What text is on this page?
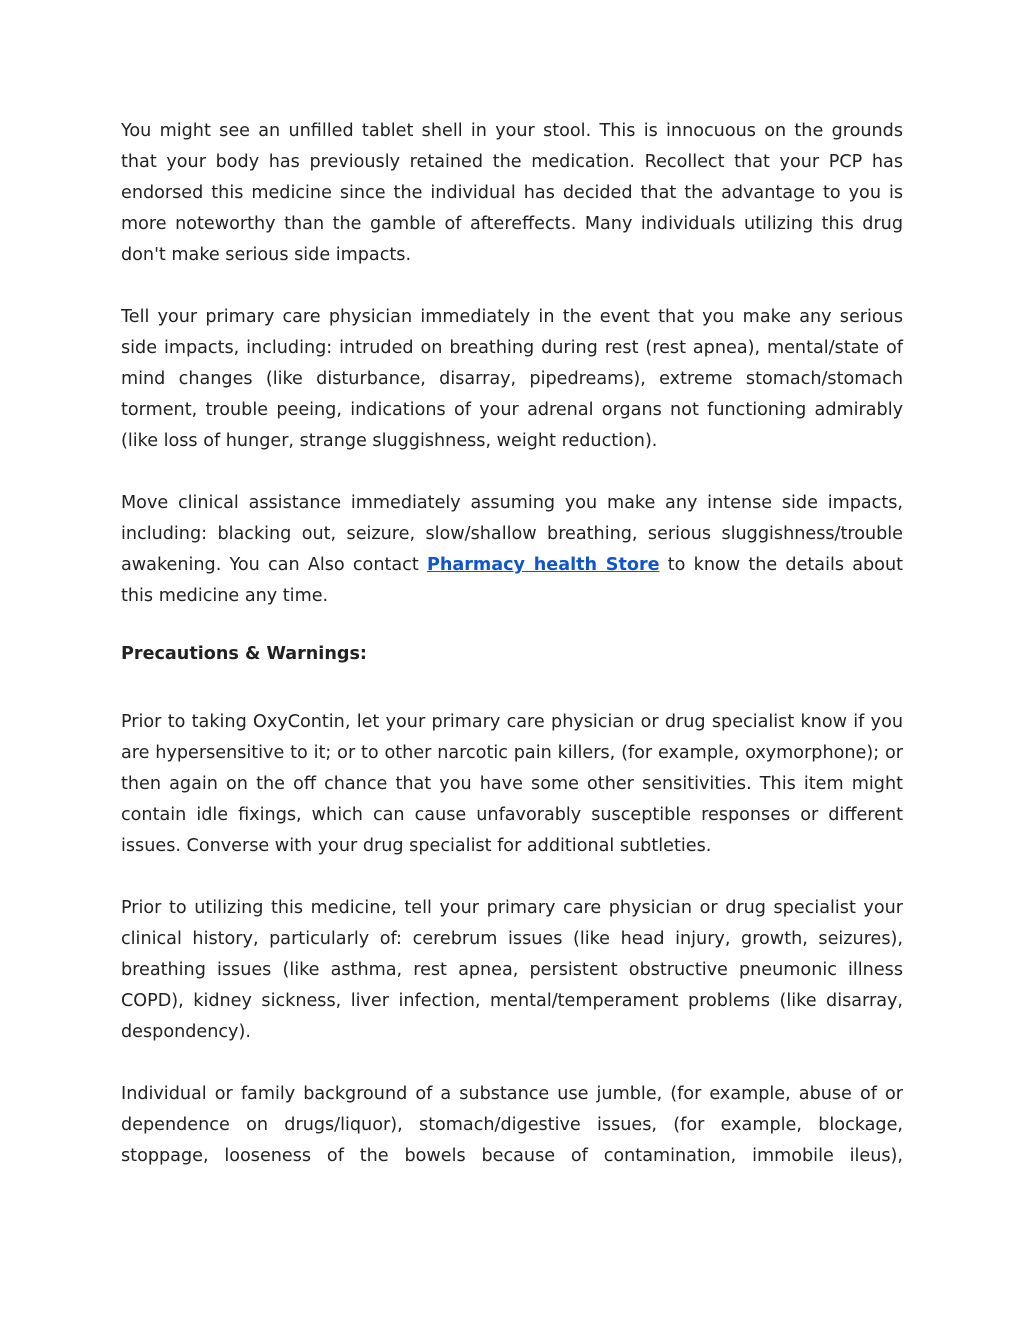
You might see an unfilled tablet shell in your stool. This is innocuous on the grounds that your body has previously retained the medication. Recollect that your PCP has endorsed this medicine since the individual has decided that the advantage to you is more noteworthy than the gamble of aftereffects. Many individuals utilizing this drug don't make serious side impacts.

Tell your primary care physician immediately in the event that you make any serious side impacts, including: intruded on breathing during rest (rest apnea), mental/state of mind changes (like disturbance, disarray, pipedreams), extreme stomach/stomach torment, trouble peeing, indications of your adrenal organs not functioning admirably (like loss of hunger, strange sluggishness, weight reduction).

Move clinical assistance immediately assuming you make any intense side impacts, including: blacking out, seizure, slow/shallow breathing, serious sluggishness/trouble awakening. You can Also contact Pharmacy health Store to know the details about this medicine any time.

Precautions & Warnings:

Prior to taking OxyContin, let your primary care physician or drug specialist know if you are hypersensitive to it; or to other narcotic pain killers, (for example, oxymorphone); or then again on the off chance that you have some other sensitivities. This item might contain idle fixings, which can cause unfavorably susceptible responses or different issues. Converse with your drug specialist for additional subtleties.

Prior to utilizing this medicine, tell your primary care physician or drug specialist your clinical history, particularly of: cerebrum issues (like head injury, growth, seizures), breathing issues (like asthma, rest apnea, persistent obstructive pneumonic illness COPD), kidney sickness, liver infection, mental/temperament problems (like disarray, despondency).

Individual or family background of a substance use jumble, (for example, abuse of or dependence on drugs/liquor), stomach/digestive issues, (for example, blockage, stoppage, looseness of the bowels because of contamination, immobile ileus),
